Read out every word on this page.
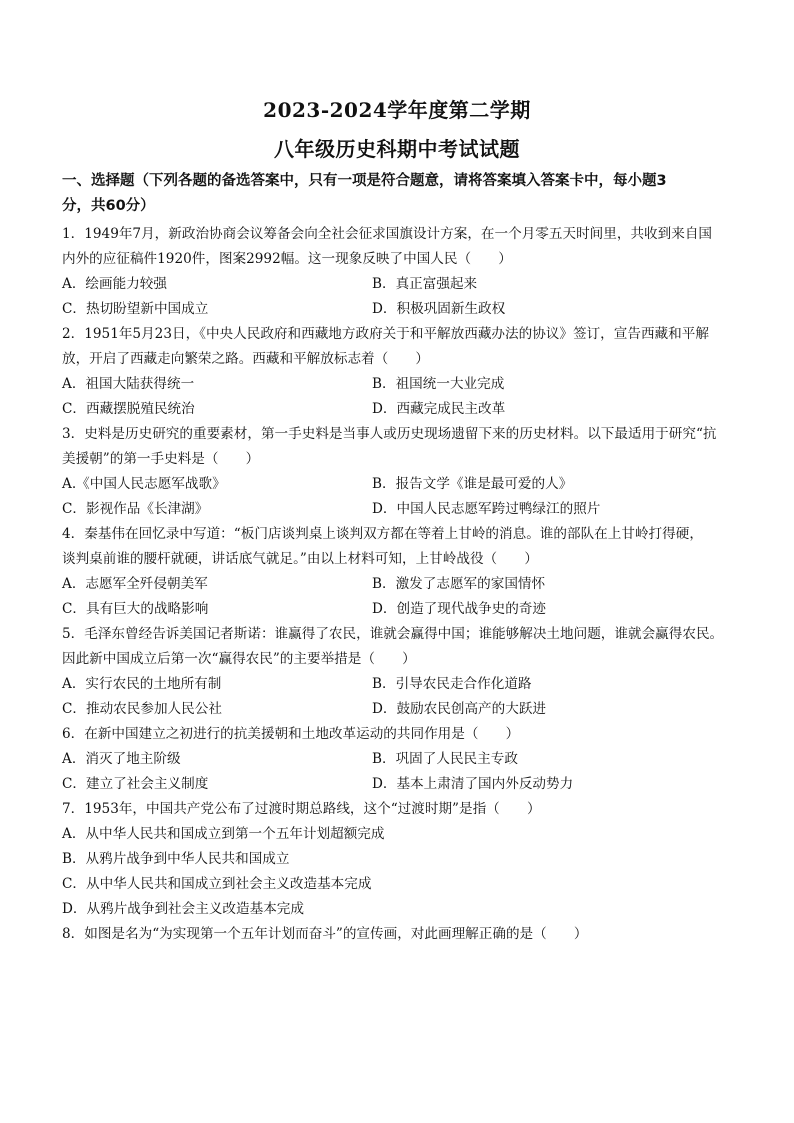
2023-2024学年度第二学期
八年级历史科期中考试试题
一、选择题（下列各题的备选答案中，只有一项是符合题意，请将答案填入答案卡中，每小题3
分，共60分）
1．1949年7月，新政治协商会议筹备会向全社会征求国旗设计方案，在一个月零五天时间里，共收到来自国
内外的应征稿件1920件，图案2992幅。这一现象反映了中国人民（　　）
A．绘画能力较强	B．真正富强起来
C．热切盼望新中国成立	D．积极巩固新生政权
2．1951年5月23日，《中央人民政府和西藏地方政府关于和平解放西藏办法的协议》签订，宣告西藏和平解
放，开启了西藏走向繁荣之路。西藏和平解放标志着（　　）
A．祖国大陆获得统一	B．祖国统一大业完成
C．西藏摆脱殖民统治	D．西藏完成民主改革
3．史料是历史研究的重要素材，第一手史料是当事人或历史现场遗留下来的历史材料。以下最适用于研究“抗
美援朝”的第一手史料是（　　）
A.《中国人民志愿军战歌》	B．报告文学《谁是最可爱的人》
C．影视作品《长津湖》	D．中国人民志愿军跨过鸭绿江的照片
4．秦基伟在回忆录中写道：“板门店谈判桌上谈判双方都在等着上甘岭的消息。谁的部队在上甘岭打得硬，
谈判桌前谁的腰杆就硬，讲话底气就足。”由以上材料可知，上甘岭战役（　　）
A．志愿军全歼侵朝美军	B．激发了志愿军的家国情怀
C．具有巨大的战略影响	D．创造了现代战争史的奇迹
5．毛泽东曾经告诉美国记者斯诺：谁赢得了农民，谁就会赢得中国；谁能够解决土地问题，谁就会赢得农民。
因此新中国成立后第一次“赢得农民”的主要举措是（　　）
A．实行农民的土地所有制	B．引导农民走合作化道路
C．推动农民参加人民公社	D．鼓励农民创高产的大跃进
6．在新中国建立之初进行的抗美援朝和土地改革运动的共同作用是（　　）
A．消灭了地主阶级	B．巩固了人民民主专政
C．建立了社会主义制度	D．基本上肃清了国内外反动势力
7．1953年，中国共产党公布了过渡时期总路线，这个“过渡时期”是指（　　）
A．从中华人民共和国成立到第一个五年计划超额完成
B．从鸦片战争到中华人民共和国成立
C．从中华人民共和国成立到社会主义改造基本完成
D．从鸦片战争到社会主义改造基本完成
8．如图是名为“为实现第一个五年计划而奋斗”的宣传画，对此画理解正确的是（　　）
